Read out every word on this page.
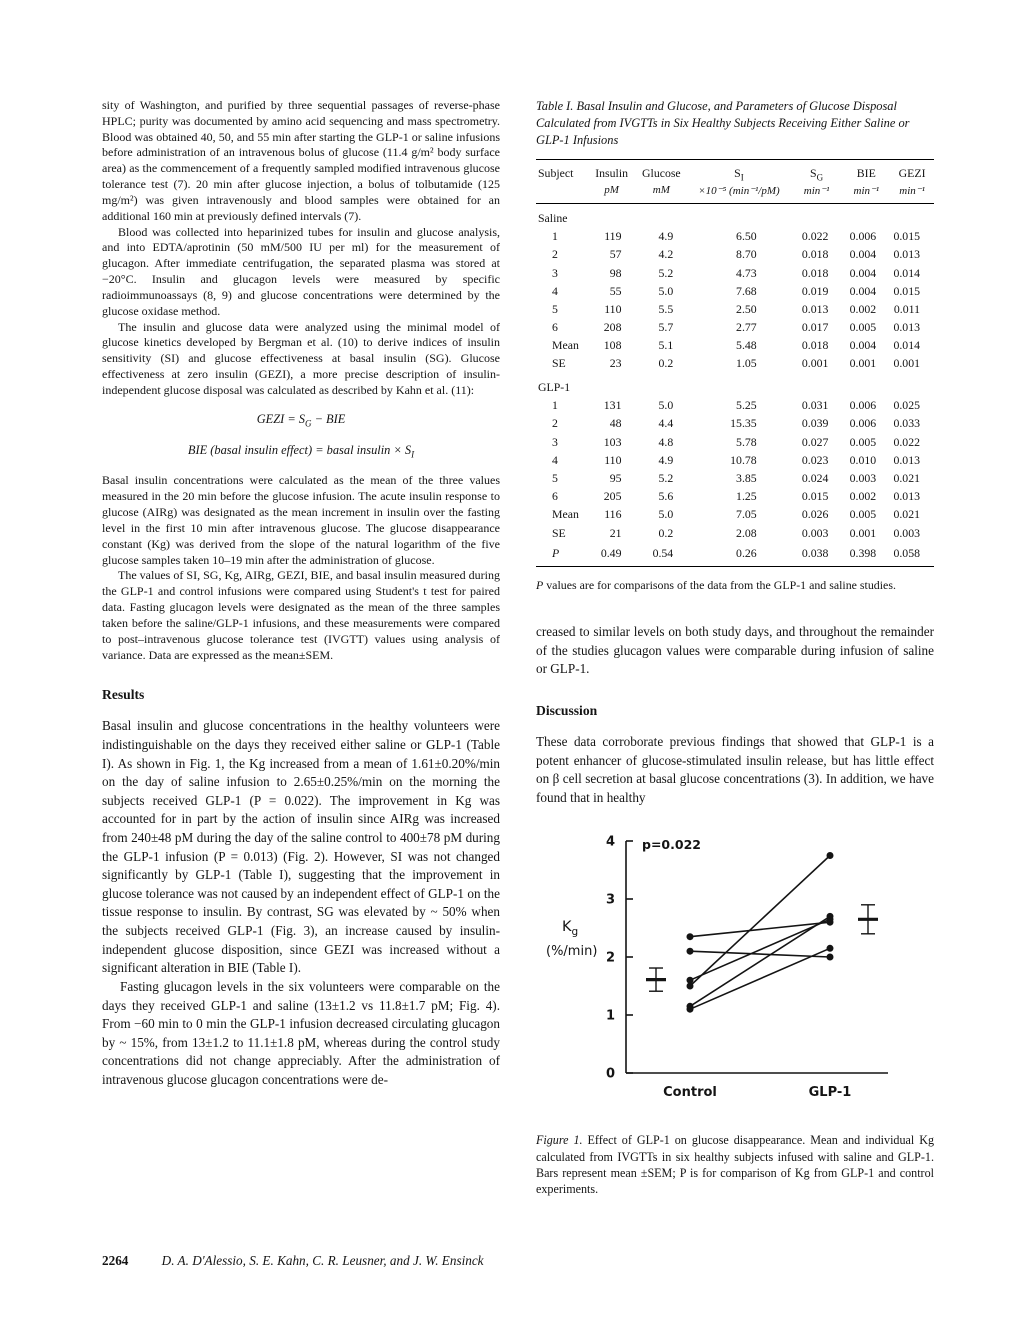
sity of Washington, and purified by three sequential passages of reverse-phase HPLC; purity was documented by amino acid sequencing and mass spectrometry. Blood was obtained 40, 50, and 55 min after starting the GLP-1 or saline infusions before administration of an intravenous bolus of glucose (11.4 g/m² body surface area) as the commencement of a frequently sampled modified intravenous glucose tolerance test (7). 20 min after glucose injection, a bolus of tolbutamide (125 mg/m²) was given intravenously and blood samples were obtained for an additional 160 min at previously defined intervals (7).

Blood was collected into heparinized tubes for insulin and glucose analysis, and into EDTA/aprotinin (50 mM/500 IU per ml) for the measurement of glucagon. After immediate centrifugation, the separated plasma was stored at −20°C. Insulin and glucagon levels were measured by specific radioimmunoassays (8, 9) and glucose concentrations were determined by the glucose oxidase method.

The insulin and glucose data were analyzed using the minimal model of glucose kinetics developed by Bergman et al. (10) to derive indices of insulin sensitivity (SI) and glucose effectiveness at basal insulin (SG). Glucose effectiveness at zero insulin (GEZI), a more precise description of insulin-independent glucose disposal was calculated as described by Kahn et al. (11):

GEZI = $S_G$ − BIE
BIE (basal insulin effect) = basal insulin × $S_I$

Basal insulin concentrations were calculated as the mean of the three values measured in the 20 min before the glucose infusion. The acute insulin response to glucose (AIRg) was designated as the mean increment in insulin over the fasting level in the first 10 min after intravenous glucose. The glucose disappearance constant (Kg) was derived from the slope of the natural logarithm of the five glucose samples taken 10–19 min after the administration of glucose.

The values of SI, SG, Kg, AIRg, GEZI, BIE, and basal insulin measured during the GLP-1 and control infusions were compared using Student's t test for paired data. Fasting glucagon levels were designated as the mean of the three samples taken before the saline/GLP-1 infusions, and these measurements were compared to post–intravenous glucose tolerance test (IVGTT) values using analysis of variance. Data are expressed as the mean±SEM.

Results

Basal insulin and glucose concentrations in the healthy volunteers were indistinguishable on the days they received either saline or GLP-1 (Table I). As shown in Fig. 1, the Kg increased from a mean of 1.61±0.20%/min on the day of saline infusion to 2.65±0.25%/min on the morning the subjects received GLP-1 (P = 0.022). The improvement in Kg was accounted for in part by the action of insulin since AIRg was increased from 240±48 pM during the day of the saline control to 400±78 pM during the GLP-1 infusion (P = 0.013) (Fig. 2). However, SI was not changed significantly by GLP-1 (Table I), suggesting that the improvement in glucose tolerance was not caused by an independent effect of GLP-1 on the tissue response to insulin. By contrast, SG was elevated by ~ 50% when the subjects received GLP-1 (Fig. 3), an increase caused by insulin-independent glucose disposition, since GEZI was increased without a significant alteration in BIE (Table I).

Fasting glucagon levels in the six volunteers were comparable on the days they received GLP-1 and saline (13±1.2 vs 11.8±1.7 pM; Fig. 4). From −60 min to 0 min the GLP-1 infusion decreased circulating glucagon by ~ 15%, from 13±1.2 to 11.1±1.8 pM, whereas during the control study concentrations did not change appreciably. After the administration of intravenous glucose glucagon concentrations were de-

Table I. Basal Insulin and Glucose, and Parameters of Glucose Disposal Calculated from IVGTTs in Six Healthy Subjects Receiving Either Saline or GLP-1 Infusions

Subject	Insulin	Glucose	$S_I$	$S_G$	BIE	GEZI
	pM	mM	×10⁻⁵ (min⁻¹/pM)	min⁻¹	min⁻¹	min⁻¹
Saline						
1	119	4.9	6.50	0.022	0.006	0.015
2	57	4.2	8.70	0.018	0.004	0.013
3	98	5.2	4.73	0.018	0.004	0.014
4	55	5.0	7.68	0.019	0.004	0.015
5	110	5.5	2.50	0.013	0.002	0.011
6	208	5.7	2.77	0.017	0.005	0.013
Mean	108	5.1	5.48	0.018	0.004	0.014
SE	23	0.2	1.05	0.001	0.001	0.001
GLP-1						
1	131	5.0	5.25	0.031	0.006	0.025
2	48	4.4	15.35	0.039	0.006	0.033
3	103	4.8	5.78	0.027	0.005	0.022
4	110	4.9	10.78	0.023	0.010	0.013
5	95	5.2	3.85	0.024	0.003	0.021
6	205	5.6	1.25	0.015	0.002	0.013
Mean	116	5.0	7.05	0.026	0.005	0.021
SE	21	0.2	2.08	0.003	0.001	0.003
P	0.49	0.54	0.26	0.038	0.398	0.058

P values are for comparisons of the data from the GLP-1 and saline studies.

creased to similar levels on both study days, and throughout the remainder of the studies glucagon values were comparable during infusion of saline or GLP-1.

Discussion

These data corroborate previous findings that showed that GLP-1 is a potent enhancer of glucose-stimulated insulin release, but has little effect on β cell secretion at basal glucose concentrations (3). In addition, we have found that in healthy

0
1
2
3
4
Control	GLP-1
p=0.022
$K_g$
(%/min)

Figure 1. Effect of GLP-1 on glucose disappearance. Mean and individual Kg calculated from IVGTTs in six healthy subjects infused with saline and GLP-1. Bars represent mean ±SEM; P is for comparison of Kg from GLP-1 and control experiments.

2264	D. A. D'Alessio, S. E. Kahn, C. R. Leusner, and J. W. Ensinck
